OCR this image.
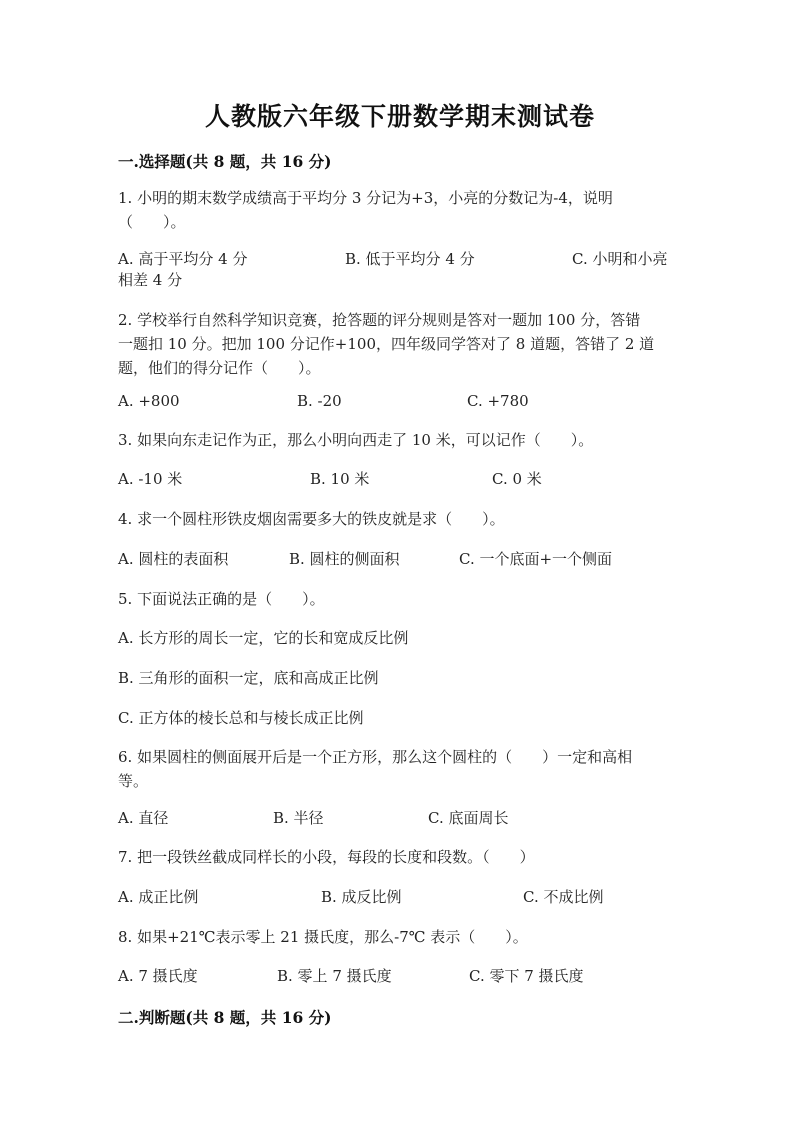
人教版六年级下册数学期末测试卷
一.选择题(共 8 题，共 16 分)
1. 小明的期末数学成绩高于平均分 3 分记为+3，小亮的分数记为-4，说明
（　　）。
A. 高于平均分 4 分	B. 低于平均分 4 分	C. 小明和小亮
相差 4 分
2. 学校举行自然科学知识竞赛，抢答题的评分规则是答对一题加 100 分，答错
一题扣 10 分。把加 100 分记作+100，四年级同学答对了 8 道题，答错了 2 道
题，他们的得分记作（　　）。
A. +800	B. -20	C. +780
3. 如果向东走记作为正，那么小明向西走了 10 米，可以记作（　　）。
A. -10 米	B. 10 米	C. 0 米
4. 求一个圆柱形铁皮烟囱需要多大的铁皮就是求（　　）。
A. 圆柱的表面积	B. 圆柱的侧面积	C. 一个底面+一个侧面
5. 下面说法正确的是（　　）。
A. 长方形的周长一定，它的长和宽成反比例
B. 三角形的面积一定，底和高成正比例
C. 正方体的棱长总和与棱长成正比例
6. 如果圆柱的侧面展开后是一个正方形，那么这个圆柱的（　　）一定和高相
等。
A. 直径	B. 半径	C. 底面周长
7. 把一段铁丝截成同样长的小段，每段的长度和段数。（　　）
A. 成正比例	B. 成反比例	C. 不成比例
8. 如果+21℃表示零上 21 摄氏度，那么-7℃ 表示（　　）。
A. 7 摄氏度	B. 零上 7 摄氏度	C. 零下 7 摄氏度
二.判断题(共 8 题，共 16 分)
